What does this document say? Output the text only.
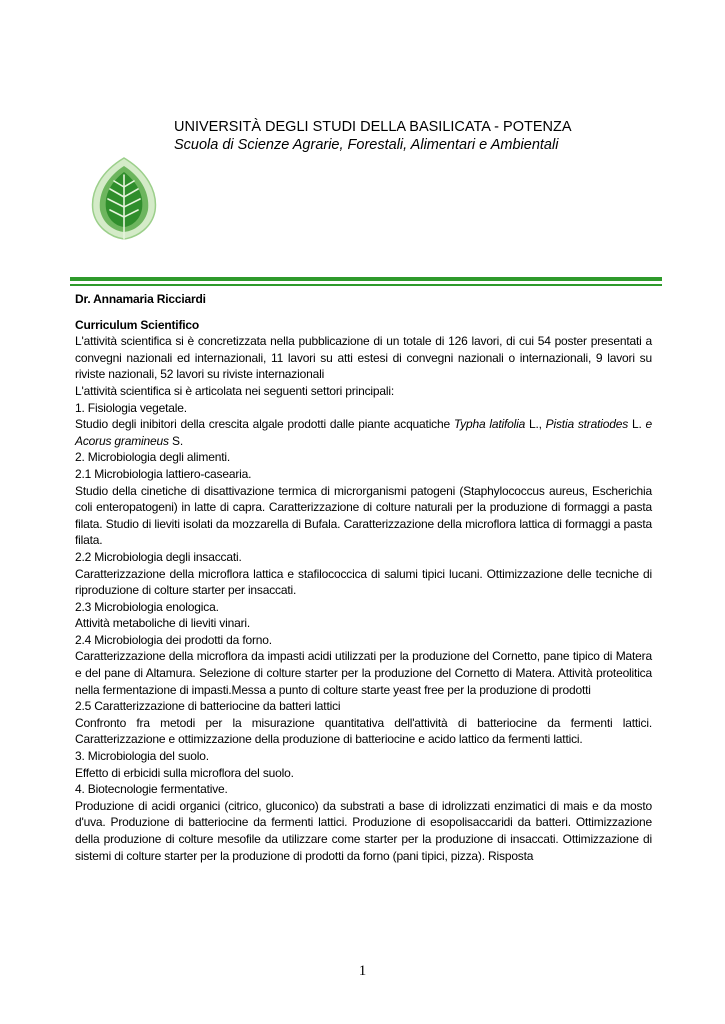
UNIVERSITÀ DEGLI STUDI DELLA BASILICATA - POTENZA
Scuola di Scienze Agrarie, Forestali, Alimentari e Ambientali

Dr. Annamaria Ricciardi

Curriculum Scientifico

L'attività scientifica si è concretizzata nella pubblicazione di un totale di 126 lavori, di cui 54 poster presentati a convegni nazionali ed internazionali, 11 lavori su atti estesi di convegni nazionali o internazionali, 9 lavori su riviste nazionali, 52 lavori su riviste internazionali

L'attività scientifica si è articolata nei seguenti settori principali:

1. Fisiologia vegetale.

Studio degli inibitori della crescita algale prodotti dalle piante acquatiche Typha latifolia L., Pistia stratiodes L. e Acorus gramineus S.

2. Microbiologia degli alimenti.

2.1 Microbiologia lattiero-casearia.

Studio della cinetiche di disattivazione termica di microrganismi patogeni (Staphylococcus aureus, Escherichia coli enteropatogeni) in latte di capra. Caratterizzazione di colture naturali per la produzione di formaggi a pasta filata. Studio di lieviti isolati da mozzarella di Bufala. Caratterizzazione della microflora lattica di formaggi a pasta filata.

2.2 Microbiologia degli insaccati.

Caratterizzazione della microflora lattica e stafilococcica di salumi tipici lucani. Ottimizzazione delle tecniche di riproduzione di colture starter per insaccati.

2.3 Microbiologia enologica.

Attività metaboliche di lieviti vinari.

2.4 Microbiologia dei prodotti da forno.

Caratterizzazione della microflora da impasti acidi utilizzati per la produzione del Cornetto, pane tipico di Matera e del pane di Altamura. Selezione di colture starter per la produzione del Cornetto di Matera. Attività proteolitica nella fermentazione di impasti.Messa a punto di colture starte yeast free per la produzione di prodotti

2.5 Caratterizzazione di batteriocine da batteri lattici

Confronto fra metodi per la misurazione quantitativa dell'attività di batteriocine da fermenti lattici. Caratterizzazione e ottimizzazione della produzione di batteriocine e acido lattico da fermenti lattici.

3. Microbiologia del suolo.

Effetto di erbicidi sulla microflora del suolo.

4. Biotecnologie fermentative.

Produzione di acidi organici (citrico, gluconico) da substrati a base di idrolizzati enzimatici di mais e da mosto d'uva. Produzione di batteriocine da fermenti lattici. Produzione di esopolisaccaridi da batteri. Ottimizzazione della produzione di colture mesofile da utilizzare come starter per la produzione di insaccati. Ottimizzazione di sistemi di colture starter per la produzione di prodotti da forno (pani tipici, pizza). Risposta

1
